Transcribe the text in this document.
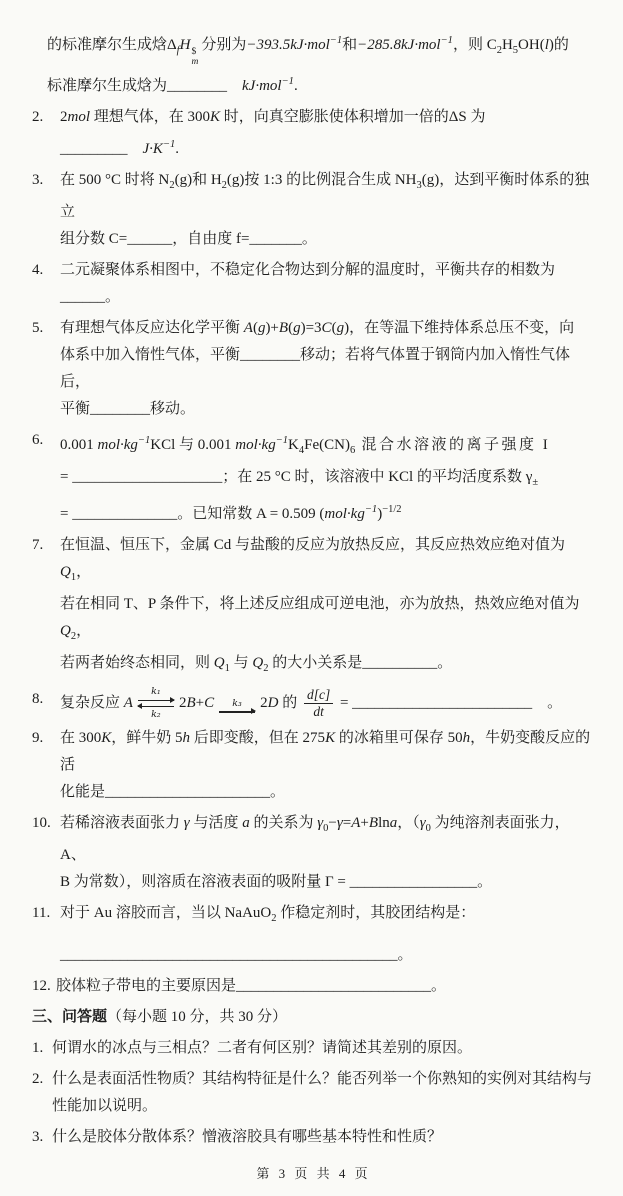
的标准摩尔生成焓$\Delta_fH$ $
m
分别为−393.5kJ·mol$^{-1}$和−285.8kJ·mol$^{-1}$，则 $C_2H_5OH(l)$的
标准摩尔生成焓为________　kJ·mol$^{-1}$.
2.	2mol 理想气体，在 300K 时，向真空膨胀使体积增加一倍的ΔS 为
_________　$J\cdot K^{-1}$.
3.	在 500 °C 时将 $N_2(g)$和 $H_2(g)$按 1:3 的比例混合生成 $NH_3(g)$，达到平衡时体系的独立
组分数 C=______，自由度 f=_______。
4.	二元凝聚体系相图中，不稳定化合物达到分解的温度时，平衡共存的相数为______。
5.	有理想气体反应达化学平衡 A(g)+B(g)=3C(g)，在等温下维持体系总压不变，向
体系中加入惰性气体，平衡________移动；若将气体置于钢筒内加入惰性气体后，
平衡________移动。
6.	0.001 $mol\cdot kg^{-1}KCl$ 与 0.001 $mol\cdot kg^{-1}K_4Fe(CN)_6$ 混合水溶液的离子强度 I
= ____________________；在 25 °C 时，该溶液中 KCl 的平均活度系数 $\gamma_\pm$
= ______________。已知常数 A = 0.509 $(mol\cdot kg^{-1})^{-1/2}$
7.	在恒温、恒压下，金属 Cd 与盐酸的反应为放热反应，其反应热效应绝对值为 $Q_1$，
若在相同 T、P 条件下，将上述反应组成可逆电池，亦为放热，热效应绝对值为 $Q_2$，
若两者始终态相同，则 $Q_1$ 与 $Q_2$ 的大小关系是__________。
8.	复杂反应 A $\frac{\text{k₁}}{\text{k₂}} 2B+C$ k₃ 2D 的 $\frac{d[c]}{dt}$ = ________________________　。
9.	在 300K，鲜牛奶 5h 后即变酸，但在 275K 的冰箱里可保存 50h，牛奶变酸反应的活
化能是______________________。
10. 若稀溶液表面张力 γ 与活度 a 的关系为 $\gamma_0-\gamma=A+Blna$，（$\gamma_0$ 为纯溶剂表面张力，A、
B 为常数），则溶质在溶液表面的吸附量 Γ = _________________。
11. 对于 Au 溶胶而言，当以 NaAuO$_2$ 作稳定剂时，其胶团结构是：
_____________________________________________。
12. 胶体粒子带电的主要原因是__________________________。
三、问答题（每小题 10 分，共 30 分）
1. 何谓水的冰点与三相点？二者有何区别？请简述其差别的原因。
2. 什么是表面活性物质？其结构特征是什么？能否列举一个你熟知的实例对其结构与
性能加以说明。
3. 什么是胶体分散体系？憎液溶胶具有哪些基本特性和性质？
第 3 页 共 4 页
